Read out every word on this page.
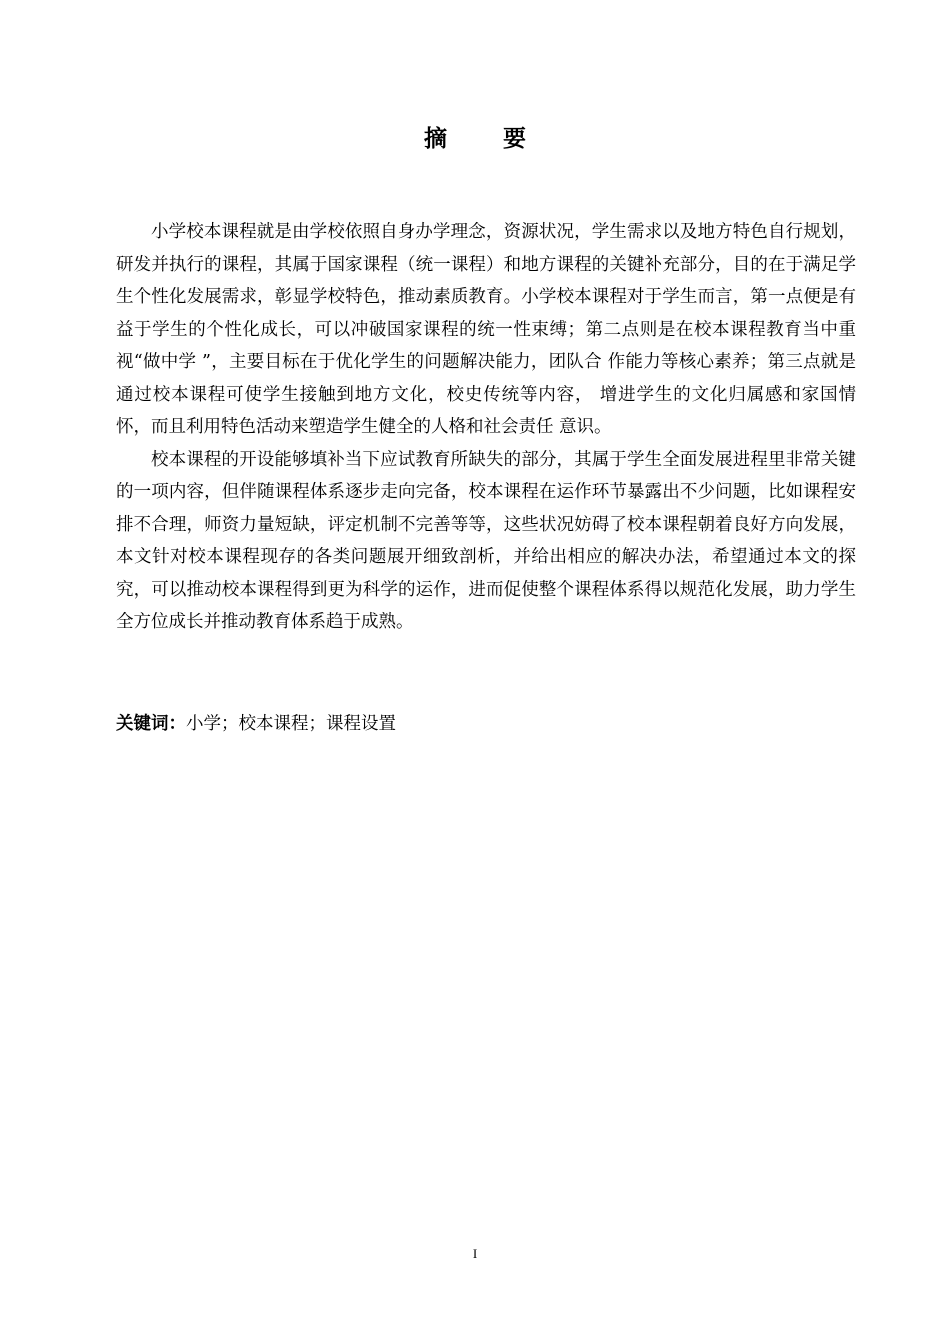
摘 要

小学校本课程就是由学校依照自身办学理念，资源状况，学生需求以及地方特色自行规划，研发并执行的课程，其属于国家课程（统一课程）和地方课程的关键补充部分，目的在于满足学生个性化发展需求，彰显学校特色，推动素质教育。小学校本课程对于学生而言，第一点便是有益于学生的个性化成长，可以冲破国家课程的统一性束缚；第二点则是在校本课程教育当中重视“做中学 ”，主要目标在于优化学生的问题解决能力，团队合 作能力等核心素养；第三点就是通过校本课程可使学生接触到地方文化，校史传统等内容， 增进学生的文化归属感和家国情怀，而且利用特色活动来塑造学生健全的人格和社会责任 意识。

校本课程的开设能够填补当下应试教育所缺失的部分，其属于学生全面发展进程里非常关键的一项内容，但伴随课程体系逐步走向完备，校本课程在运作环节暴露出不少问题，比如课程安排不合理，师资力量短缺，评定机制不完善等等，这些状况妨碍了校本课程朝着良好方向发展，本文针对校本课程现存的各类问题展开细致剖析，并给出相应的解决办法，希望通过本文的探究，可以推动校本课程得到更为科学的运作，进而促使整个课程体系得以规范化发展，助力学生全方位成长并推动教育体系趋于成熟。

关键词：小学；校本课程；课程设置
I
